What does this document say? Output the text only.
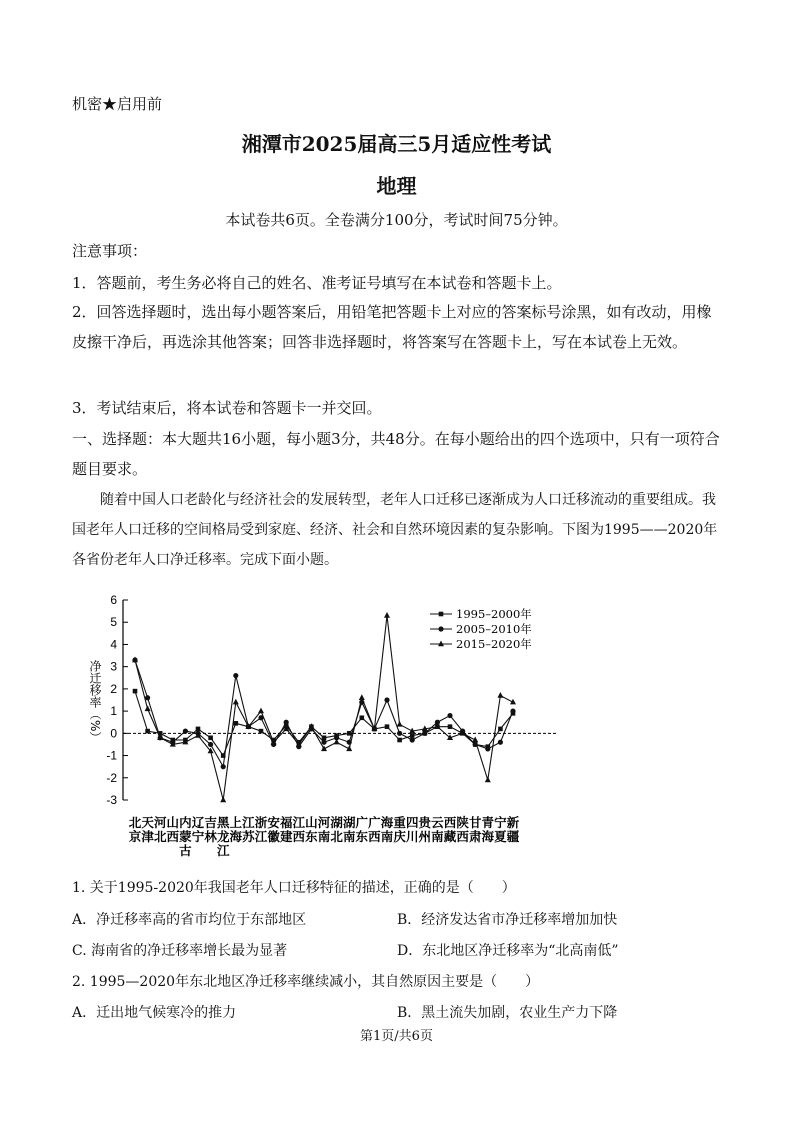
机密★启用前
湘潭市2025届高三5月适应性考试
地理
本试卷共6页。全卷满分100分，考试时间75分钟。
注意事项：
1．答题前，考生务必将自己的姓名、准考证号填写在本试卷和答题卡上。
2．回答选择题时，选出每小题答案后，用铅笔把答题卡上对应的答案标号涂黑，如有改动，用橡皮擦干净后，再选涂其他答案；回答非选择题时，将答案写在答题卡上，写在本试卷上无效。
3．考试结束后，将本试卷和答题卡一并交回。
一、选择题：本大题共16小题，每小题3分，共48分。在每小题给出的四个选项中，只有一项符合题目要求。
随着中国人口老龄化与经济社会的发展转型，老年人口迁移已逐渐成为人口迁移流动的重要组成。我国老年人口迁移的空间格局受到家庭、经济、社会和自然环境因素的复杂影响。下图为1995——2020年各省份老年人口净迁移率。完成下面小题。
-3
-2
-1
0
1
2
3
4
5
6
净迁移率（%）
1995–2000年
2005–2010年
2015–2020年
北京
天津
河北
山西
内蒙古
辽宁
吉林
黑龙江
上海
江苏
浙江
安徽
福建
江西
山东
河南
湖北
湖南
广东
广西
海南
重庆
四川
贵州
云南
西藏
陕西
甘肃
青海
宁夏
新疆
1. 关于1995-2020年我国老年人口迁移特征的描述，正确的是（　　）
A．净迁移率高的省市均位于东部地区	B．经济发达省市净迁移率增加加快
C. 海南省的净迁移率增长最为显著	D．东北地区净迁移率为“北高南低”
2. 1995—2020年东北地区净迁移率继续减小，其自然原因主要是（　　）
A．迁出地气候寒冷的推力	B．黑土流失加剧，农业生产力下降
第1页/共6页
